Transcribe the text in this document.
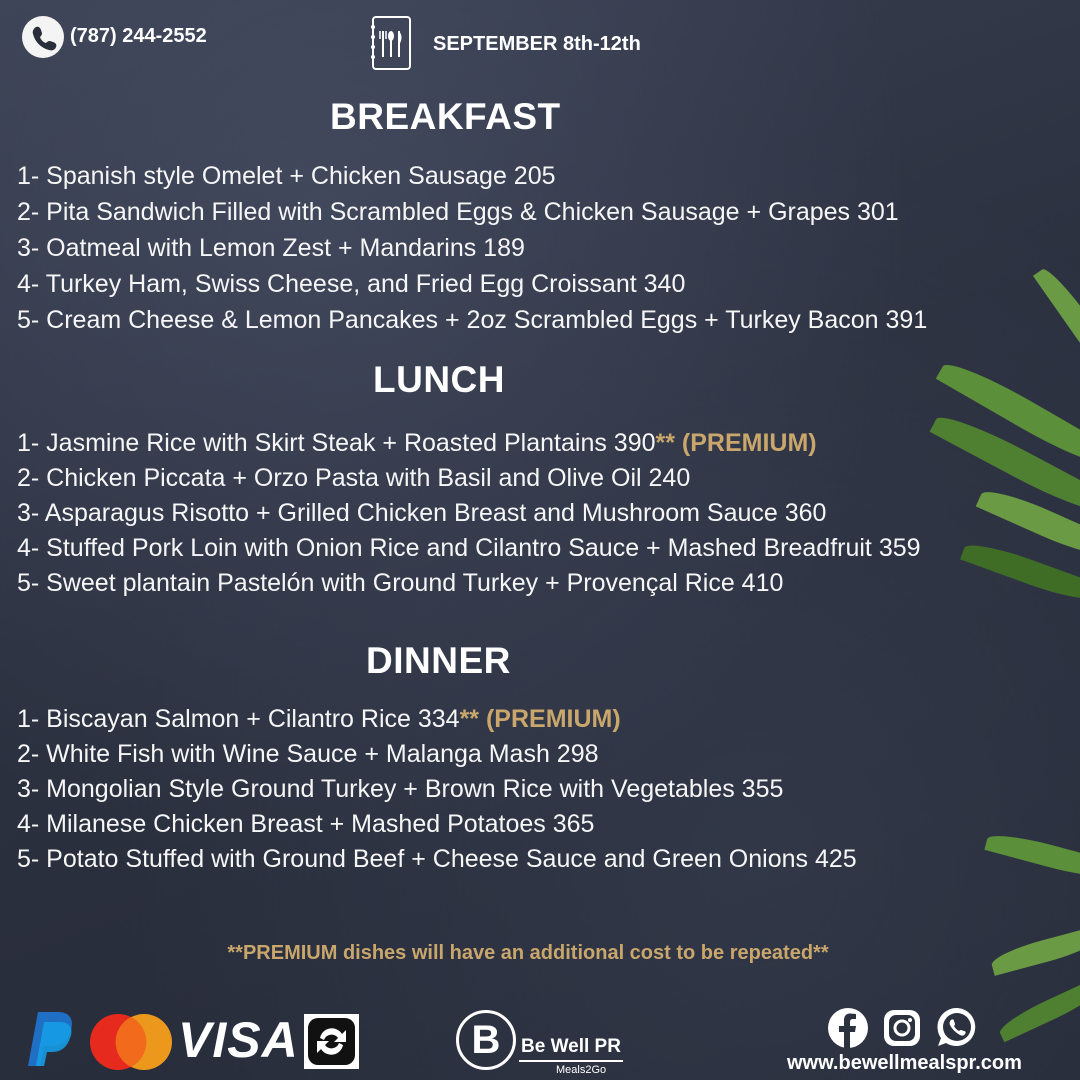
(787) 244-2552	SEPTEMBER 8th-12th
BREAKFAST
1- Spanish style Omelet + Chicken Sausage 205
2- Pita Sandwich Filled with Scrambled Eggs & Chicken Sausage + Grapes 301
3- Oatmeal with Lemon Zest + Mandarins 189
4- Turkey Ham, Swiss Cheese, and Fried Egg Croissant 340
5- Cream Cheese & Lemon Pancakes + 2oz Scrambled Eggs + Turkey Bacon 391
LUNCH
1- Jasmine Rice with Skirt Steak + Roasted Plantains 390** (PREMIUM)
2- Chicken Piccata + Orzo Pasta with Basil and Olive Oil 240
3- Asparagus Risotto + Grilled Chicken Breast and Mushroom Sauce 360
4- Stuffed Pork Loin with Onion Rice and Cilantro Sauce + Mashed Breadfruit 359
5- Sweet plantain Pastelón with Ground Turkey + Provençal Rice 410
DINNER
1- Biscayan Salmon + Cilantro Rice 334** (PREMIUM)
2- White Fish with Wine Sauce + Malanga Mash 298
3- Mongolian Style Ground Turkey + Brown Rice with Vegetables 355
4- Milanese Chicken Breast + Mashed Potatoes 365
5- Potato Stuffed with Ground Beef + Cheese Sauce and Green Onions 425
**PREMIUM dishes will have an additional cost to be repeated**
VISA	B	Be Well PR
Meals2Go	www.bewellmealspr.com
